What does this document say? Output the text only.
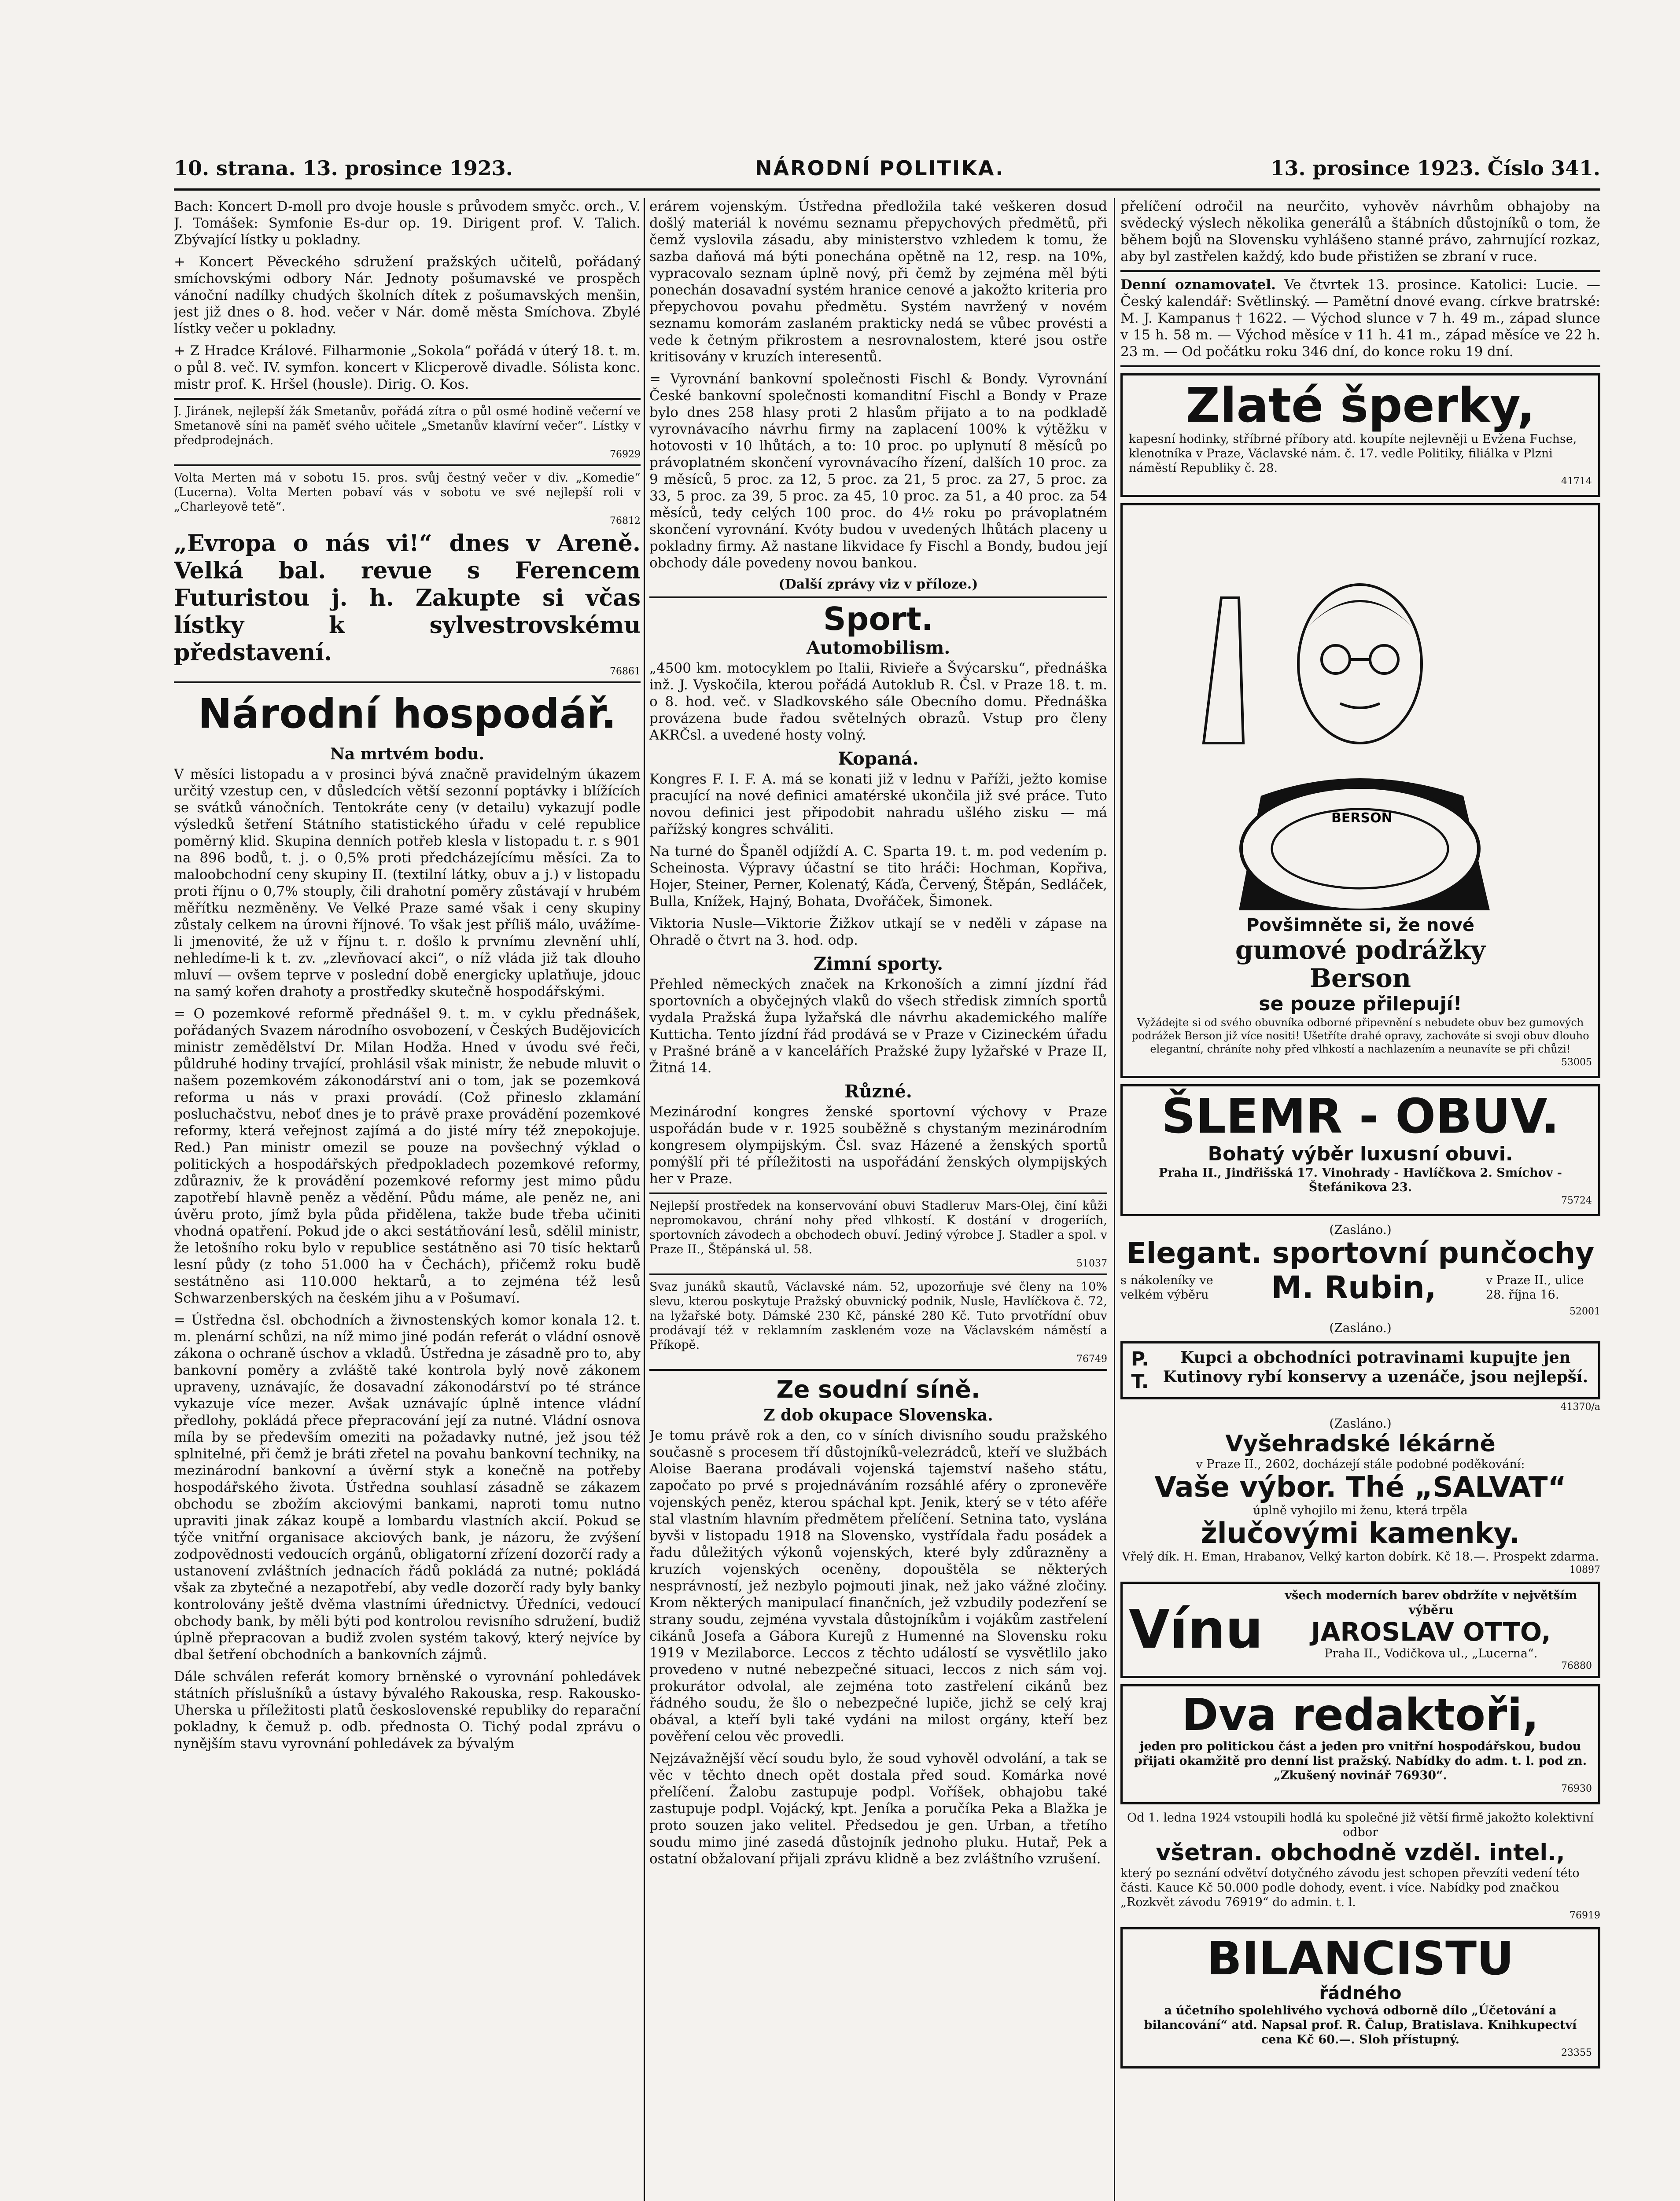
10. strana. 13. prosince 1923.	NÁRODNÍ POLITIKA.	13. prosince 1923. Číslo 341.

Bach: Koncert D-moll pro dvoje housle s průvodem smyčc. orch., V. J. Tomášek: Symfonie Es-dur op. 19. Dirigent prof. V. Talich. Zbývající lístky u pokladny.

+ Koncert Pěveckého sdružení pražských učitelů, pořádaný smíchovskými odbory Nár. Jednoty pošumavské ve prospěch vánoční nadílky chudých školních dítek z pošumavských menšin, jest již dnes o 8. hod. večer v Nár. domě města Smíchova. Zbylé lístky večer u pokladny.

+ Z Hradce Králové. Filharmonie „Sokola“ pořádá v úterý 18. t. m. o půl 8. več. IV. symfon. koncert v Klicperově divadle. Sólista konc. mistr prof. K. Hršel (housle). Dirig. O. Kos.

J. Jiránek, nejlepší žák Smetanův, pořádá zítra o půl osmé hodině večerní ve Smetanově síni na paměť svého učitele „Smetanův klavírní večer“. Lístky v předprodejnách.

76929

Volta Merten má v sobotu 15. pros. svůj čestný večer v div. „Komedie“ (Lucerna). Volta Merten pobaví vás v sobotu ve své nejlepší roli v „Charleyově tetě“.

76812
„Evropa o nás vi!“ dnes v Areně. Velká bal. revue s Ferencem Futuristou j. h. Zakupte si včas lístky k sylvestrovskému představení.
76861
Národní hospodář.
Na mrtvém bodu.

V měsíci listopadu a v prosinci bývá značně pravidelným úkazem určitý vzestup cen, v důsledcích větší sezonní poptávky i blížících se svátků vánočních. Tentokráte ceny (v detailu) vykazují podle výsledků šetření Státního statistického úřadu v celé republice poměrný klid. Skupina denních potřeb klesla v listopadu t. r. s 901 na 896 bodů, t. j. o 0,5% proti předcházejícímu měsíci. Za to maloobchodní ceny skupiny II. (textilní látky, obuv a j.) v listopadu proti říjnu o 0,7% stouply, čili drahotní poměry zůstávají v hrubém měřítku nezměněny. Ve Velké Praze samé však i ceny skupiny zůstaly celkem na úrovni říjnové. To však jest příliš málo, uvážíme-li jmenovité, že už v říjnu t. r. došlo k prvnímu zlevnění uhlí, nehledíme-li k t. zv. „zlevňovací akci“, o níž vláda již tak dlouho mluví — ovšem teprve v poslední době energicky uplatňuje, jdouc na samý kořen drahoty a prostředky skutečně hospodářskými.

= O pozemkové reformě přednášel 9. t. m. v cyklu přednášek, pořádaných Svazem národního osvobození, v Českých Budějovicích ministr zemědělství Dr. Milan Hodža. Hned v úvodu své řeči, půldruhé hodiny trvající, prohlásil však ministr, že nebude mluvit o našem pozemkovém zákonodárství ani o tom, jak se pozemková reforma u nás v praxi provádí. (Což přineslo zklamání posluchačstvu, neboť dnes je to právě praxe provádění pozemkové reformy, která veřejnost zajímá a do jisté míry též znepokojuje. Red.) Pan ministr omezil se pouze na povšechný výklad o politických a hospodářských předpokladech pozemkové reformy, zdůrazniv, že k provádění pozemkové reformy jest mimo půdu zapotřebí hlavně peněz a vědění. Půdu máme, ale peněz ne, ani úvěru proto, jímž byla půda přidělena, takže bude třeba učiniti vhodná opatření. Pokud jde o akci sestátňování lesů, sdělil ministr, že letošního roku bylo v republice sestátněno asi 70 tisíc hektarů lesní půdy (z toho 51.000 ha v Čechách), přičemž roku budě sestátněno asi 110.000 hektarů, a to zejména též lesů Schwarzenberských na českém jihu a v Pošumaví.

= Ústředna čsl. obchodních a živnostenských komor konala 12. t. m. plenární schůzi, na níž mimo jiné podán referát o vládní osnově zákona o ochraně úschov a vkladů. Ústředna je zásadně pro to, aby bankovní poměry a zvláště také kontrola bylý nově zákonem upraveny, uznávajíc, že dosavadní zákonodárství po té stránce vykazuje více mezer. Avšak uznávajíc úplně intence vládní předlohy, pokládá přece přepracování její za nutné. Vládní osnova míla by se především omeziti na požadavky nutné, jež jsou též splnitelné, při čemž je bráti zřetel na povahu bankovní techniky, na mezinárodní bankovní a úvěrní styk a konečně na potřeby hospodářského života. Ústředna souhlasí zásadně se zákazem obchodu se zbožím akciovými bankami, naproti tomu nutno upraviti jinak zákaz koupě a lombardu vlastních akcií. Pokud se týče vnitřní organisace akciových bank, je názoru, že zvýšení zodpovědnosti vedoucích orgánů, obligatorní zřízení dozorčí rady a ustanovení zvláštních jednacích řádů pokládá za nutné; pokládá však za zbytečné a nezapotřebí, aby vedle dozorčí rady byly banky kontrolovány ještě dvěma vlastními úřednictvy. Úředníci, vedoucí obchody bank, by měli býti pod kontrolou revisního sdružení, budiž úplně přepracovan a budiž zvolen systém takový, který nejvíce by dbal šetření obchodních a bankovních zájmů.

Dále schválen referát komory brněnské o vyrovnání pohledávek státních příslušníků a ústavy bývalého Rakouska, resp. Rakousko-Uherska u příležitosti platů československé republiky do reparační pokladny, k čemuž p. odb. přednosta O. Tichý podal zprávu o nynějším stavu vyrovnání pohledávek za bývalým

erárem vojenským. Ústředna předložila také veškeren dosud došlý materiál k novému seznamu přepychových předmětů, při čemž vyslovila zásadu, aby ministerstvo vzhledem k tomu, že sazba daňová má býti ponechána opětně na 12, resp. na 10%, vypracovalo seznam úplně nový, při čemž by zejména měl býti ponechán dosavadní systém hranice cenové a jakožto kriteria pro přepychovou povahu předmětu. Systém navržený v novém seznamu komorám zaslaném prakticky nedá se vůbec provésti a vede k četným přikrostem a nesrovnalostem, které jsou ostře kritisovány v kruzích interesentů.

= Vyrovnání bankovní společnosti Fischl & Bondy. Vyrovnání České bankovní společnosti komanditní Fischl a Bondy v Praze bylo dnes 258 hlasy proti 2 hlasům přijato a to na podkladě vyrovnávacího návrhu firmy na zaplacení 100% k výtěžku v hotovosti v 10 lhůtách, a to: 10 proc. po uplynutí 8 měsíců po právoplatném skončení vyrovnávacího řízení, dalších 10 proc. za 9 měsíců, 5 proc. za 12, 5 proc. za 21, 5 proc. za 27, 5 proc. za 33, 5 proc. za 39, 5 proc. za 45, 10 proc. za 51, a 40 proc. za 54 měsíců, tedy celých 100 proc. do 4½ roku po právoplatném skončení vyrovnání. Kvóty budou v uvedených lhůtách placeny u pokladny firmy. Až nastane likvidace fy Fischl a Bondy, budou její obchody dále povedeny novou bankou.

(Další zprávy viz v příloze.)
Sport.
Automobilism.

„4500 km. motocyklem po Italii, Rivieře a Švýcarsku“, přednáška inž. J. Vyskočila, kterou pořádá Autoklub R. Čsl. v Praze 18. t. m. o 8. hod. več. v Sladkovského sále Obecního domu. Přednáška provázena bude řadou světelných obrazů. Vstup pro členy AKRČsl. a uvedené hosty volný.

Kopaná.

Kongres F. I. F. A. má se konati již v lednu v Paříži, ježto komise pracující na nové definici amatérské ukončila již své práce. Tuto novou definici jest připodobit nahradu ušlého zisku — má pařížský kongres schváliti.

Na turné do Španěl odjíždí A. C. Sparta 19. t. m. pod vedením p. Scheinosta. Výpravy účastní se tito hráči: Hochman, Kopřiva, Hojer, Steiner, Perner, Kolenatý, Káďa, Červený, Štěpán, Sedláček, Bulla, Knížek, Hajný, Bohata, Dvořáček, Šimonek.

Viktoria Nusle—Viktorie Žižkov utkají se v neděli v zápase na Ohradě o čtvrt na 3. hod. odp.

Zimní sporty.

Přehled německých značek na Krkonoších a zimní jízdní řád sportovních a obyčejných vlaků do všech středisk zimních sportů vydala Pražská župa lyžařská dle návrhu akademického malíře Kutticha. Tento jízdní řád prodává se v Praze v Cizineckém úřadu v Prašné bráně a v kancelářích Pražské župy lyžařské v Praze II, Žitná 14.

Různé.

Mezinárodní kongres ženské sportovní výchovy v Praze uspořádán bude v r. 1925 souběžně s chystaným mezinárodním kongresem olympijským. Čsl. svaz Házené a ženských sportů pomýšlí při té příležitosti na uspořádání ženských olympijských her v Praze.

Nejlepší prostředek na konservování obuvi Stadleruv Mars-Olej, činí kůži nepromokavou, chrání nohy před vlhkostí. K dostání v drogeriích, sportovních závodech a obchodech obuví. Jediný výrobce J. Stadler a spol. v Praze II., Štěpánská ul. 58.

51037

Svaz junáků skautů, Václavské nám. 52, upozorňuje své členy na 10% slevu, kterou poskytuje Pražský obuvnický podnik, Nusle, Havlíčkova č. 72, na lyžařské boty. Dámské 230 Kč, pánské 280 Kč. Tuto prvotřídní obuv prodávají též v reklamním zaskleném voze na Václavském náměstí a Příkopě.

76749
Ze soudní síně.
Z dob okupace Slovenska.

Je tomu právě rok a den, co v síních divisního soudu pražského současně s procesem tří důstojníků-velezrádců, kteří ve službách Aloise Baerana prodávali vojenská tajemství našeho státu, započato po prvé s projednáváním rozsáhlé aféry o zpronevěře vojenských peněz, kterou spáchal kpt. Jenik, který se v této aféře stal vlastním hlavním předmětem přelíčení. Setnina tato, vyslána byvši v listopadu 1918 na Slovensko, vystřídala řadu posádek a řadu důležitých výkonů vojenských, které byly zdůrazněny a kruzích vojenských oceněny, dopouštěla se některých nesprávností, jež nezbylo pojmouti jinak, než jako vážné zločiny. Krom některých manipulací finančních, jež vzbudily podezření se strany soudu, zejména vyvstala důstojníkům i vojákům zastřelení cikánů Josefa a Gábora Kurejů z Humenné na Slovensku roku 1919 v Mezilaborce. Leccos z těchto událostí se vysvětlilo jako provedeno v nutné nebezpečné situaci, leccos z nich sám voj. prokurátor odvolal, ale zejména toto zastřelení cikánů bez řádného soudu, že šlo o nebezpečné lupiče, jichž se celý kraj obával, a kteří byli také vydáni na milost orgány, kteří bez pověření celou věc provedli.

Nejzávažnější věcí soudu bylo, že soud vyhověl odvolání, a tak se věc v těchto dnech opět dostala před soud. Komárka nové přelíčení. Žalobu zastupuje podpl. Voříšek, obhajobu také zastupuje podpl. Vojácký, kpt. Jeníka a poručíka Peka a Blažka je proto souzen jako velitel. Předsedou je gen. Urban, a třetího soudu mimo jiné zasedá důstojník jednoho pluku. Hutař, Pek a ostatní obžalovaní přijali zprávu klidně a bez zvláštního vzrušení.

přelíčení odročil na neurčito, vyhověv návrhům obhajoby na svědecký výslech několika generálů a štábních důstojníků o tom, že během bojů na Slovensku vyhlášeno stanné právo, zahrnující rozkaz, aby byl zastřelen každý, kdo bude přistižen se zbraní v ruce.

Denní oznamovatel. Ve čtvrtek 13. prosince. Katolici: Lucie. — Český kalendář: Světlinský. — Pamětní dnové evang. církve bratrské: M. J. Kampanus † 1622. — Východ slunce v 7 h. 49 m., západ slunce v 15 h. 58 m. — Východ měsíce v 11 h. 41 m., západ měsíce ve 22 h. 23 m. — Od počátku roku 346 dní, do konce roku 19 dní.

Zlaté šperky,
kapesní hodinky, stříbrné příbory atd. koupíte nejlevněji u Evžena Fuchse, klenotníka v Praze, Václavské nám. č. 17. vedle Politiky, filiálka v Plzni náměstí Republiky č. 28.
41714
BERSON
Povšimněte si, že nové
gumové podrážky
Berson
se pouze přilepují!
Vyžádejte si od svého obuvníka odborné připevnění s nebudete obuv bez gumových podrážek Berson již více nositi! Ušetříte drahé opravy, zachováte si svoji obuv dlouho elegantní, chráníte nohy před vlhkostí a nachlazením a neunavíte se při chůzi!
53005
ŠLEMR - OBUV.
Bohatý výběr luxusní obuvi.
Praha II., Jindřišská 17. Vinohrady - Havlíčkova 2. Smíchov - Štefánikova 23.
75724
(Zasláno.)
Elegant. sportovní punčochy
s nákoleníky ve velkém výběru	M. Rubin,	v Praze II., ulice 28. října 16.
52001
(Zasláno.)
P. T.
Kupci a obchodníci potravinami kupujte jen Kutinovy rybí konservy a uzenáče, jsou nejlepší.
41370/a
(Zasláno.)
Vyšehradské lékárně
v Praze II., 2602, docházejí stále podobné poděkování:
Vaše výbor. Thé „SALVAT“
úplně vyhojilo mi ženu, která trpěla
žlučovými kamenky.
Vřelý dík. H. Eman, Hrabanov, Velký karton dobírk. Kč 18.—. Prospekt zdarma.
10897
Vínu
všech moderních barev obdržíte v největším výběru
JAROSLAV OTTO,
Praha II., Vodičkova ul., „Lucerna“.
76880
Dva redaktoři,
jeden pro politickou část a jeden pro vnitřní hospodářskou, budou přijati okamžitě pro denní list pražský. Nabídky do adm. t. l. pod zn. „Zkušený novinář 76930“.
76930
Od 1. ledna 1924 vstoupili hodlá ku společné již větší firmě jakožto kolektivní odbor
všetran. obchodně vzděl. intel.,
který po seznání odvětví dotyčného závodu jest schopen převzíti vedení této části. Kauce Kč 50.000 podle dohody, event. i více. Nabídky pod značkou „Rozkvět závodu 76919“ do admin. t. l.
76919
BILANCISTU
řádného
a účetního spolehlivého vychová odborně dílo „Účetování a bilancování“ atd. Napsal prof. R. Čalup, Bratislava. Knihkupectví cena Kč 60.—. Sloh přístupný.
23355
